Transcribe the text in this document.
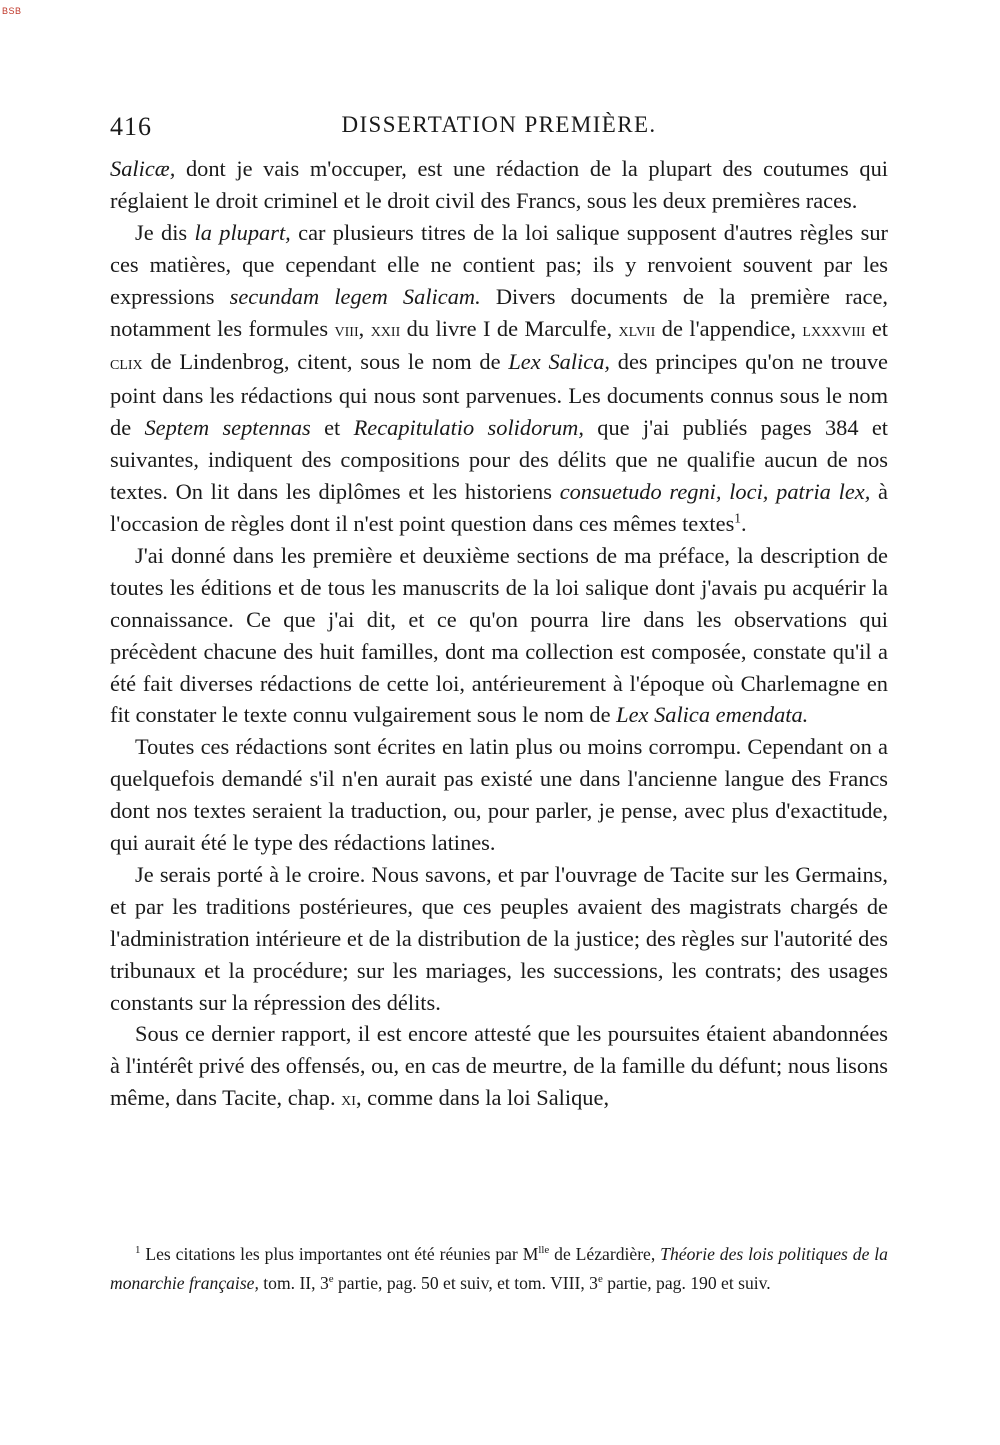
BSB
416	DISSERTATION PREMIÈRE.

Salicæ, dont je vais m'occuper, est une rédaction de la plupart des coutumes qui réglaient le droit criminel et le droit civil des Francs, sous les deux premières races.

Je dis la plupart, car plusieurs titres de la loi salique supposent d'autres règles sur ces matières, que cependant elle ne contient pas; ils y renvoient souvent par les expressions secundam legem Salicam. Divers documents de la première race, notamment les formules viii, xxii du livre I de Marculfe, xlvii de l'appendice, lxxxviii et clix de Lindenbrog, citent, sous le nom de Lex Salica, des principes qu'on ne trouve point dans les rédactions qui nous sont parvenues. Les documents connus sous le nom de Septem septennas et Recapitulatio solidorum, que j'ai publiés pages 384 et suivantes, indiquent des compositions pour des délits que ne qualifie aucun de nos textes. On lit dans les diplômes et les historiens consuetudo regni, loci, patria lex, à l'occasion de règles dont il n'est point question dans ces mêmes textes$^1$.

J'ai donné dans les première et deuxième sections de ma préface, la description de toutes les éditions et de tous les manuscrits de la loi salique dont j'avais pu acquérir la connaissance. Ce que j'ai dit, et ce qu'on pourra lire dans les observations qui précèdent chacune des huit familles, dont ma collection est composée, constate qu'il a été fait diverses rédactions de cette loi, antérieurement à l'époque où Charlemagne en fit constater le texte connu vulgairement sous le nom de Lex Salica emendata.

Toutes ces rédactions sont écrites en latin plus ou moins corrompu. Cependant on a quelquefois demandé s'il n'en aurait pas existé une dans l'ancienne langue des Francs dont nos textes seraient la traduction, ou, pour parler, je pense, avec plus d'exactitude, qui aurait été le type des rédactions latines.

Je serais porté à le croire. Nous savons, et par l'ouvrage de Tacite sur les Germains, et par les traditions postérieures, que ces peuples avaient des magistrats chargés de l'administration intérieure et de la distribution de la justice; des règles sur l'autorité des tribunaux et la procédure; sur les mariages, les successions, les contrats; des usages constants sur la répression des délits.

Sous ce dernier rapport, il est encore attesté que les poursuites étaient abandonnées à l'intérêt privé des offensés, ou, en cas de meurtre, de la famille du défunt; nous lisons même, dans Tacite, chap. xi, comme dans la loi Salique,

$^1$ Les citations les plus importantes ont été réunies par $M^{lle}$ de Lézardière, Théorie des lois politiques de la monarchie française, tom. II, 3e partie, pag. 50 et suiv, et tom. VIII, 3e partie, pag. 190 et suiv.
